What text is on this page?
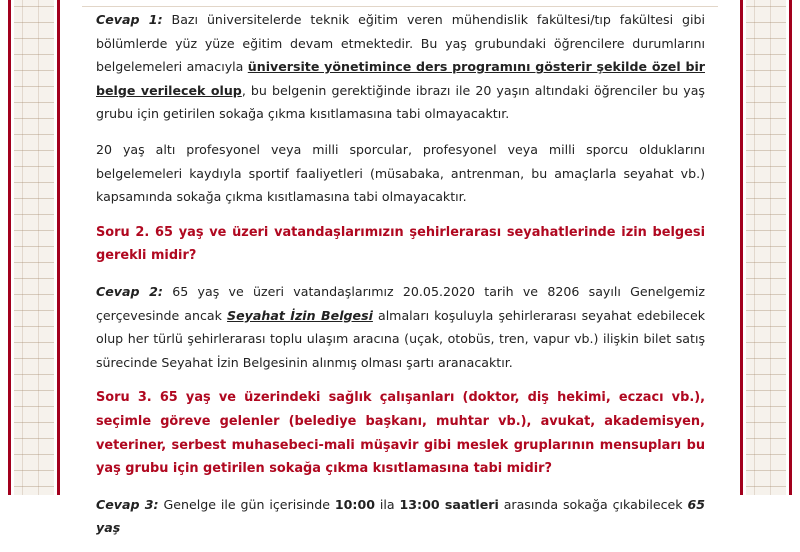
Cevap 1: Bazı üniversitelerde teknik eğitim veren mühendislik fakültesi/tıp fakültesi gibi bölümlerde yüz yüze eğitim devam etmektedir. Bu yaş grubundaki öğrencilere durumlarını belgelemeleri amacıyla üniversite yönetimince ders programını gösterir şekilde özel bir belge verilecek olup, bu belgenin gerektiğinde ibrazı ile 20 yaşın altındaki öğrenciler bu yaş grubu için getirilen sokağa çıkma kısıtlamasına tabi olmayacaktır.

20 yaş altı profesyonel veya milli sporcular, profesyonel veya milli sporcu olduklarını belgelemeleri kaydıyla sportif faaliyetleri (müsabaka, antrenman, bu amaçlarla seyahat vb.) kapsamında sokağa çıkma kısıtlamasına tabi olmayacaktır.

Soru 2. 65 yaş ve üzeri vatandaşlarımızın şehirlerarası seyahatlerinde izin belgesi gerekli midir?

Cevap 2: 65 yaş ve üzeri vatandaşlarımız 20.05.2020 tarih ve 8206 sayılı Genelgemiz çerçevesinde ancak Seyahat İzin Belgesi almaları koşuluyla şehirlerarası seyahat edebilecek olup her türlü şehirlerarası toplu ulaşım aracına (uçak, otobüs, tren, vapur vb.) ilişkin bilet satış sürecinde Seyahat İzin Belgesinin alınmış olması şartı aranacaktır.

Soru 3. 65 yaş ve üzerindeki sağlık çalışanları (doktor, diş hekimi, eczacı vb.), seçimle göreve gelenler (belediye başkanı, muhtar vb.), avukat, akademisyen, veteriner, serbest muhasebeci-mali müşavir gibi meslek gruplarının mensupları bu yaş grubu için getirilen sokağa çıkma kısıtlamasına tabi midir?

Cevap 3: Genelge ile gün içerisinde 10:00 ila 13:00 saatleri arasında sokağa çıkabilecek 65 yaş
